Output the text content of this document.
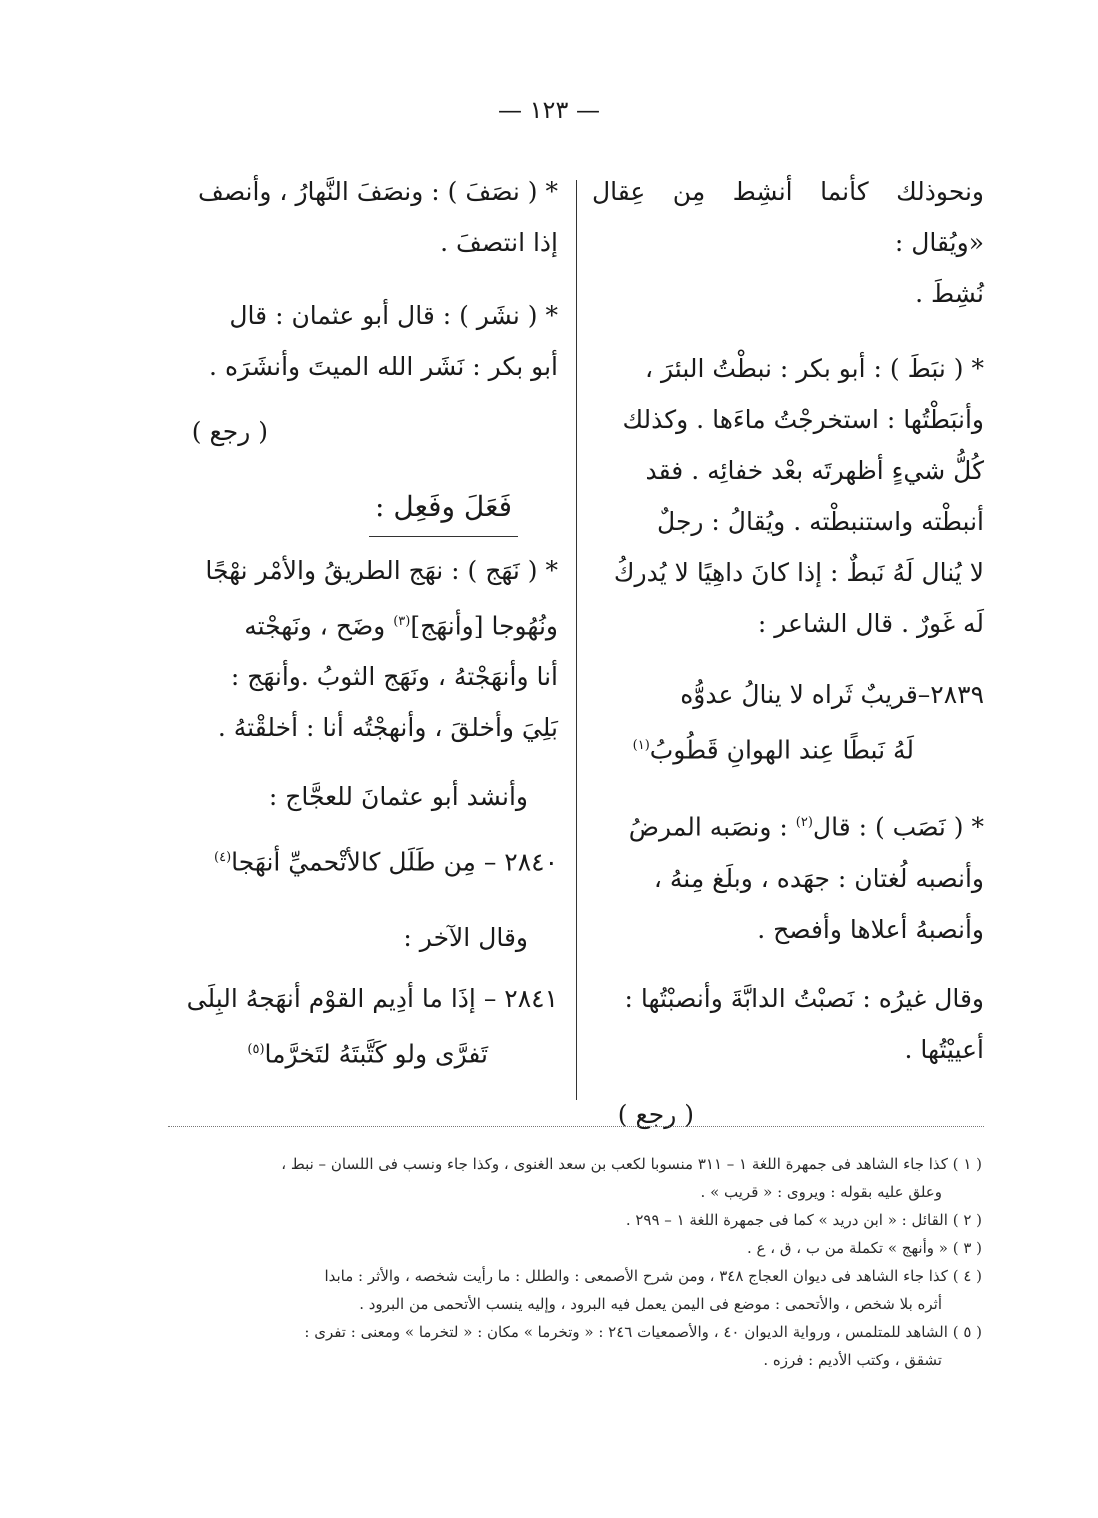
— ١٢٣ —

ونحوذلك كأنما أنشِط مِن عِقال «ويُقال :

نُشِطَ .

* ( نبَطَ ) : أبو بكر : نبطْتُ البئرَ ،

وأنبَطْتُها : استخرجْتُ ماءَها . وكذلك

كُلُّ شيءٍ أظهرتَه بعْد خفائِه . فقد

أنبطْته واستنبطْته . ويُقالُ : رجلٌ

لا يُنال لَهُ نَبطٌ : إذا كانَ داهِيًا لا يُدركُ

لَه غَورٌ . قال الشاعر :

٢٨٣٩–قريبٌ ثَراه لا ينالُ عدوُّه

لَهُ نَبطًا عِند الهوانِ قَطُوبُ$^{(١)}$

* ( نَصَب ) : قال$^{(٢)}$ : ونصَبه المرضُ

وأنصبه لُغتان : جهَده ، وبلَغ مِنهُ ،

وأنصبهُ أعلاها وأفصح .

وقال غيرُه : نَصبْتُ الدابَّةَ وأنصبْتُها :

أعييْتُها .

( رجع )

* ( نصَفَ ) : ونصَفَ النَّهارُ ، وأنصف

إذا انتصفَ .

* ( نشَر ) : قال أبو عثمان : قال

أبو بكر : نَشَر الله الميتَ وأنشَرَه .

( رجع )

فَعَلَ وفَعِل :

* ( نَهَج ) : نهَج الطريقُ والأمْر نهْجًا

ونُهُوجا [وأنهَج]$^{(٣)}$ وضَح ، ونَهجْته

أنا وأنهَجْتهُ ، ونَهَج الثوبُ .وأنهَج :

بَلِيَ وأخلقَ ، وأنهجْتُه أنا : أخلقْتهُ .

وأنشد أبو عثمانَ للعجَّاج :

٢٨٤٠ – مِن طَلَل كالأتْحميِّ أنهَجا$^{(٤)}$

وقال الآخر :

٢٨٤١ – إذَا ما أدِيم القوْم أنهَجهُ البِلَى

تَفرَّى ولو كَتَّبتَهُ لتَخرَّما$^{(٥)}$

( ١ ) كذا جاء الشاهد فى جمهرة اللغة ١ – ٣١١ منسوبا لكعب بن سعد الغنوى ، وكذا جاء ونسب فى اللسان – نبط ،

وعلق عليه بقوله : ويروى : « قريب » .

( ٢ ) القائل : « ابن دريد » كما فى جمهرة اللغة ١ – ٢٩٩ .

( ٣ ) « وأنهج » تكملة من ب ، ق ، ع .

( ٤ ) كذا جاء الشاهد فى ديوان العجاج ٣٤٨ ، ومن شرح الأصمعى : والطلل : ما رأيت شخصه ، والأثر : مابدا

أثره بلا شخص ، والأتحمى : موضع فى اليمن يعمل فيه البرود ، وإليه ينسب الأتحمى من البرود .

( ٥ ) الشاهد للمتلمس ، ورواية الديوان ٤٠ ، والأصمعيات ٢٤٦ : « وتخرما » مكان : « لتخرما » ومعنى : تفرى :

تشقق ، وكتب الأديم : فرزه .
